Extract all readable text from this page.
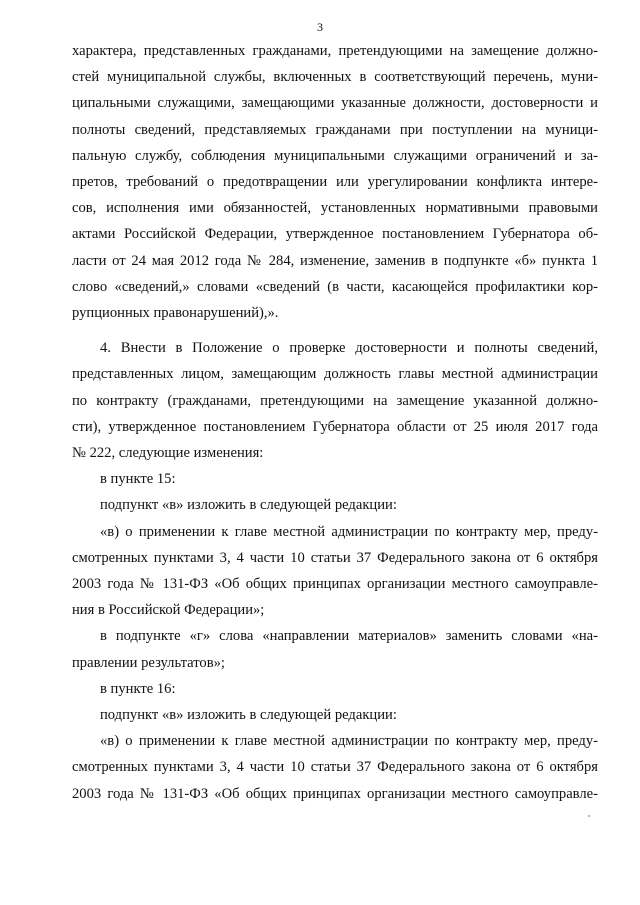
3
характера, представленных гражданами, претендующими на замещение должно-
стей муниципальной службы, включенных в соответствующий перечень, муни-
ципальными служащими, замещающими указанные должности, достоверности и
полноты сведений, представляемых гражданами при поступлении на муници-
пальную службу, соблюдения муниципальными служащими ограничений и за-
претов, требований о предотвращении или урегулировании конфликта интере-
сов, исполнения ими обязанностей, установленных нормативными правовыми
актами Российской Федерации, утвержденное постановлением Губернатора об-
ласти от 24 мая 2012 года № 284, изменение, заменив в подпункте «б» пункта 1
слово «сведений,» словами «сведений (в части, касающейся профилактики кор-
рупционных правонарушений),».
4. Внести в Положение о проверке достоверности и полноты сведений,
представленных лицом, замещающим должность главы местной администрации
по контракту (гражданами, претендующими на замещение указанной должно-
сти), утвержденное постановлением Губернатора области от 25 июля 2017 года
№ 222, следующие изменения:
в пункте 15:
подпункт «в» изложить в следующей редакции:
«в) о применении к главе местной администрации по контракту мер, преду-
смотренных пунктами 3, 4 части 10 статьи 37 Федерального закона от 6 октября
2003 года № 131-ФЗ «Об общих принципах организации местного самоуправле-
ния в Российской Федерации»;
в подпункте «г» слова «направлении материалов» заменить словами «на-
правлении результатов»;
в пункте 16:
подпункт «в» изложить в следующей редакции:
«в) о применении к главе местной администрации по контракту мер, преду-
смотренных пунктами 3, 4 части 10 статьи 37 Федерального закона от 6 октября
2003 года № 131-ФЗ «Об общих принципах организации местного самоуправле-
